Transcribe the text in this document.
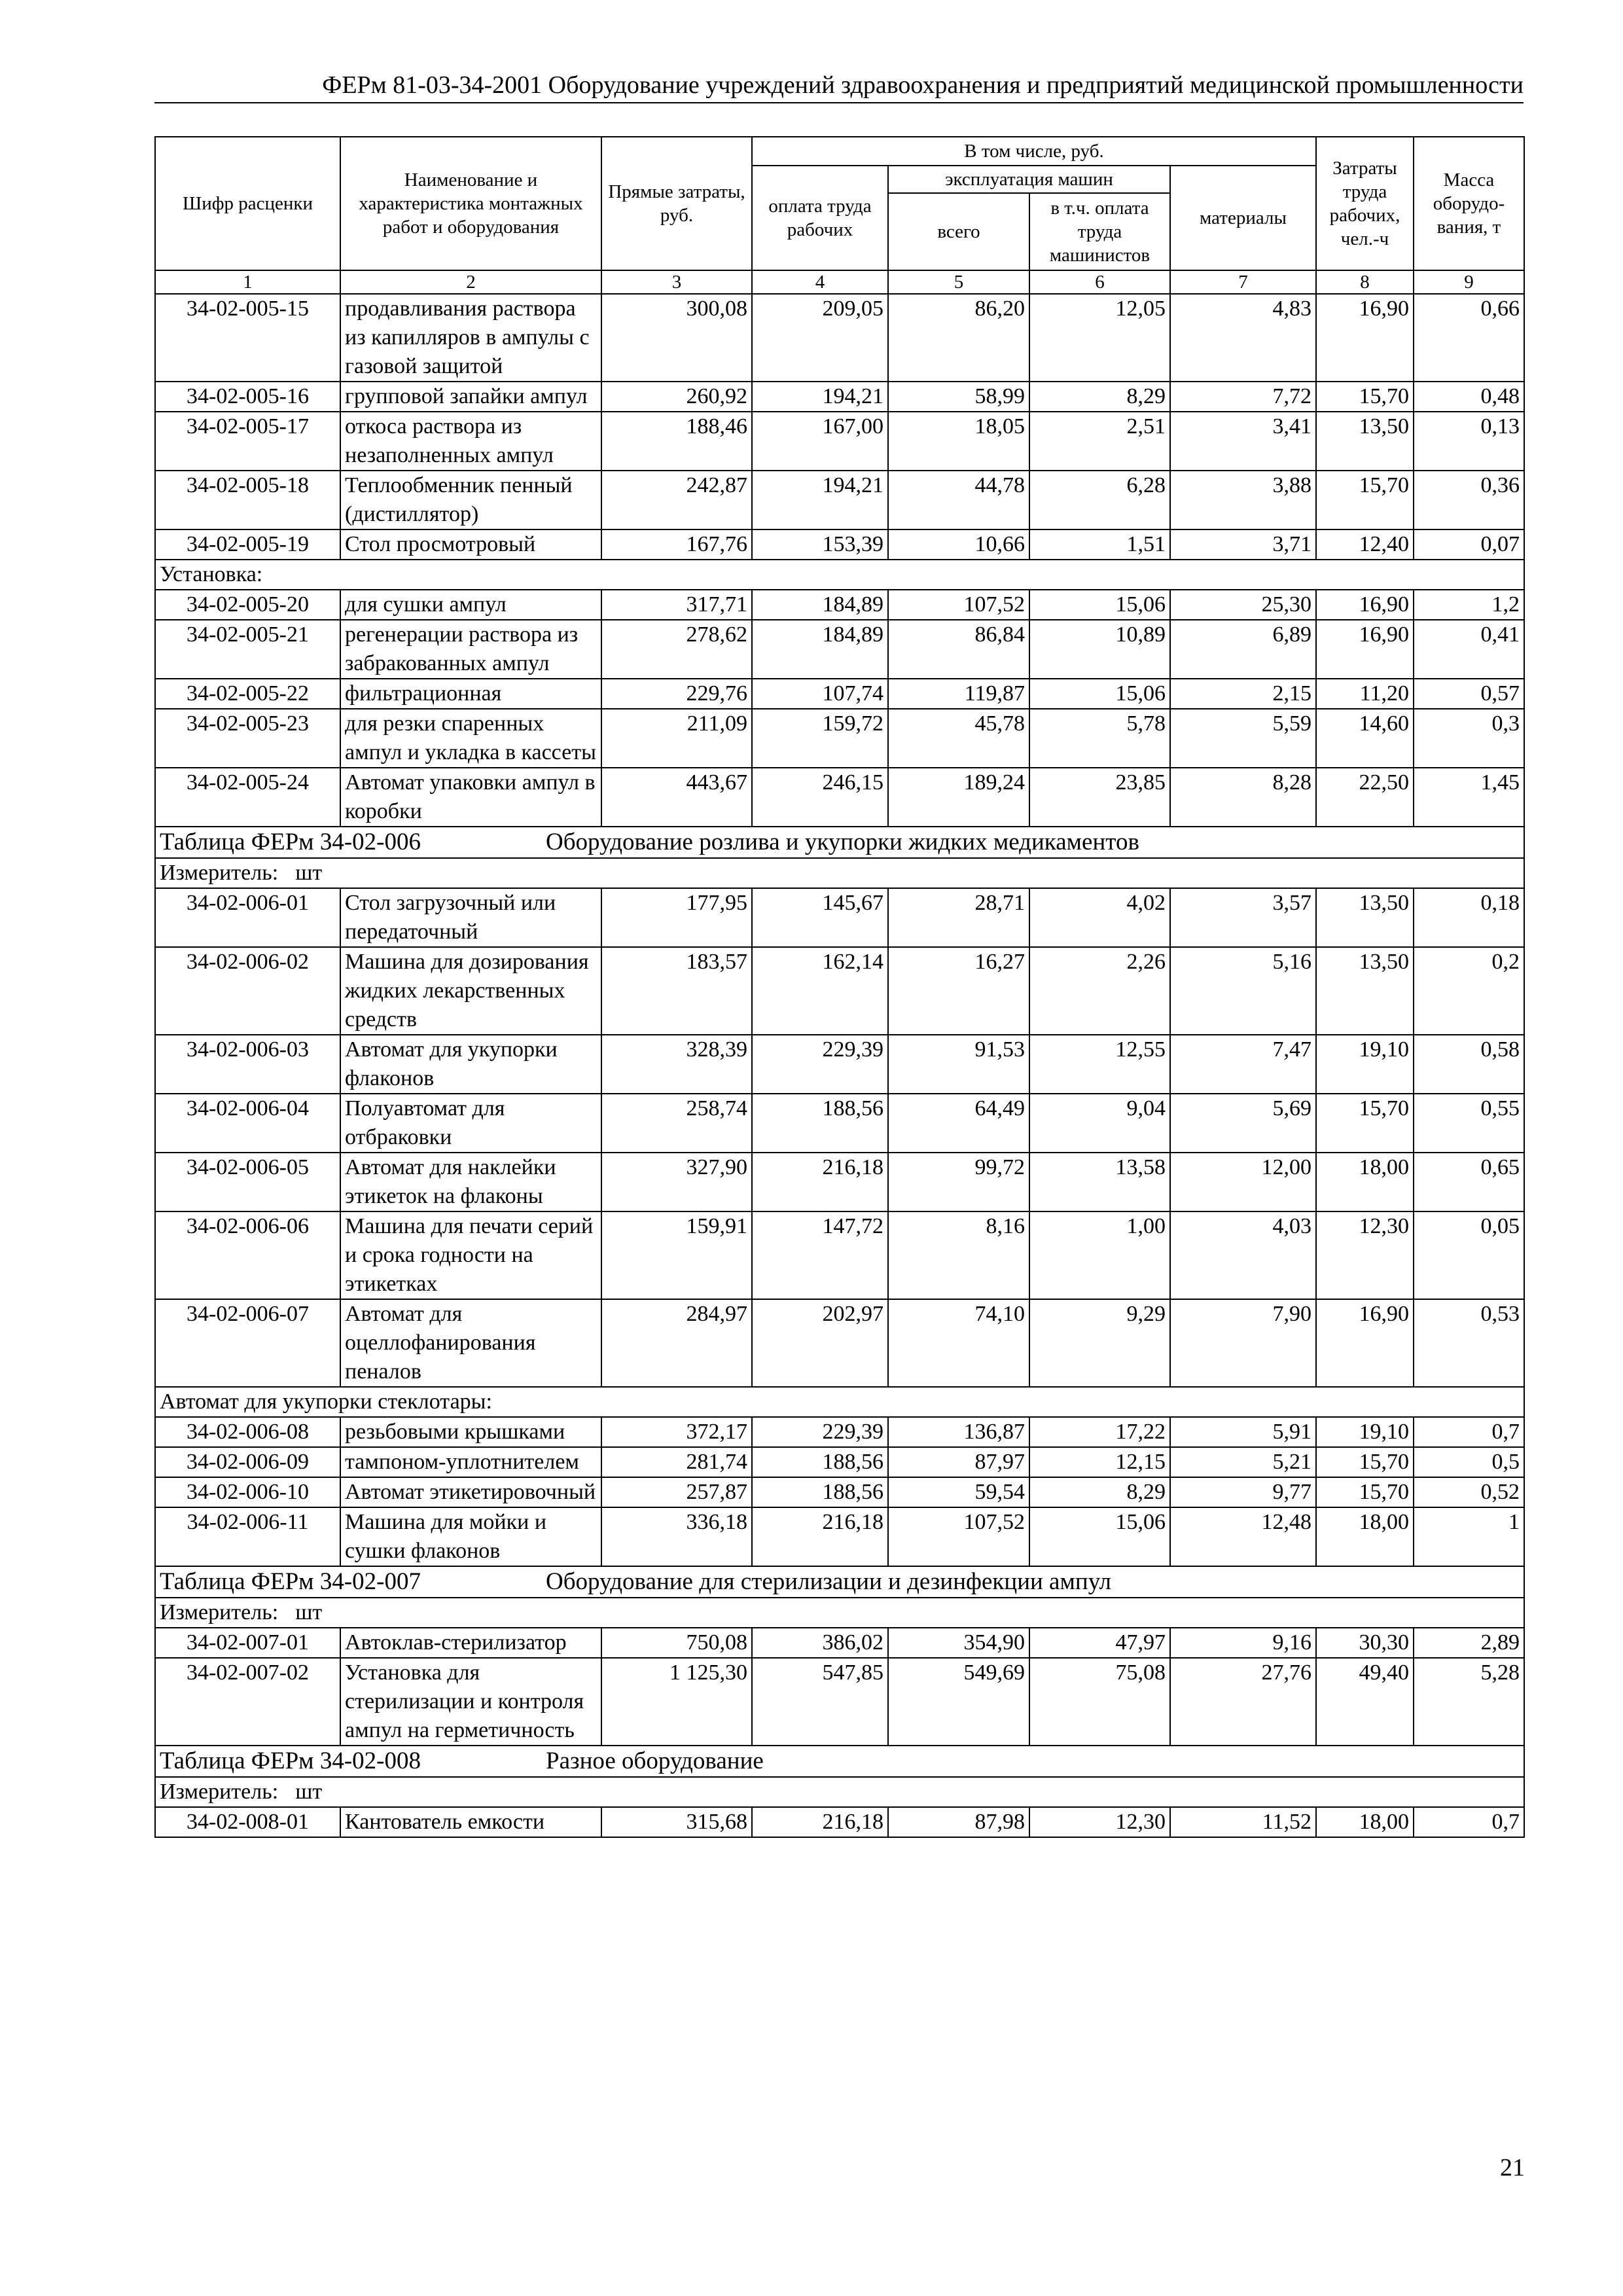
ФЕРм 81-03-34-2001 Оборудование учреждений здравоохранения и предприятий медицинской промышленности
Шифр расценки	Наименование и характеристика монтажных работ и оборудования	Прямые затраты, руб.	В том числе, руб.				Затраты труда рабочих, чел.-ч	Масса оборудо-вания, т
			оплата труда рабочих	эксплуатация машин		материалы		
				всего	в т.ч. оплата труда машинистов			
1	2	3	4	5	6	7	8	9
34-02-005-15	продавливания раствора из капилляров в ампулы с газовой защитой	300,08	209,05	86,20	12,05	4,83	16,90	0,66
34-02-005-16	групповой запайки ампул	260,92	194,21	58,99	8,29	7,72	15,70	0,48
34-02-005-17	откоса раствора из незаполненных ампул	188,46	167,00	18,05	2,51	3,41	13,50	0,13
34-02-005-18	Теплообменник пенный (дистиллятор)	242,87	194,21	44,78	6,28	3,88	15,70	0,36
34-02-005-19	Стол просмотровый	167,76	153,39	10,66	1,51	3,71	12,40	0,07
Установка:								
34-02-005-20	для сушки ампул	317,71	184,89	107,52	15,06	25,30	16,90	1,2
34-02-005-21	регенерации раствора из забракованных ампул	278,62	184,89	86,84	10,89	6,89	16,90	0,41
34-02-005-22	фильтрационная	229,76	107,74	119,87	15,06	2,15	11,20	0,57
34-02-005-23	для резки спаренных ампул и укладка в кассеты	211,09	159,72	45,78	5,78	5,59	14,60	0,3
34-02-005-24	Автомат упаковки ампул в коробки	443,67	246,15	189,24	23,85	8,28	22,50	1,45
Таблица ФЕРм 34-02-006 Оборудование розлива и укупорки жидких медикаментов								
Измеритель: шт								
34-02-006-01	Стол загрузочный или передаточный	177,95	145,67	28,71	4,02	3,57	13,50	0,18
34-02-006-02	Машина для дозирования жидких лекарственных средств	183,57	162,14	16,27	2,26	5,16	13,50	0,2
34-02-006-03	Автомат для укупорки флаконов	328,39	229,39	91,53	12,55	7,47	19,10	0,58
34-02-006-04	Полуавтомат для отбраковки	258,74	188,56	64,49	9,04	5,69	15,70	0,55
34-02-006-05	Автомат для наклейки этикеток на флаконы	327,90	216,18	99,72	13,58	12,00	18,00	0,65
34-02-006-06	Машина для печати серий и срока годности на этикетках	159,91	147,72	8,16	1,00	4,03	12,30	0,05
34-02-006-07	Автомат для оцеллофанирования пеналов	284,97	202,97	74,10	9,29	7,90	16,90	0,53
Автомат для укупорки стеклотары:								
34-02-006-08	резьбовыми крышками	372,17	229,39	136,87	17,22	5,91	19,10	0,7
34-02-006-09	тампоном-уплотнителем	281,74	188,56	87,97	12,15	5,21	15,70	0,5
34-02-006-10	Автомат этикетировочный	257,87	188,56	59,54	8,29	9,77	15,70	0,52
34-02-006-11	Машина для мойки и сушки флаконов	336,18	216,18	107,52	15,06	12,48	18,00	1
Таблица ФЕРм 34-02-007 Оборудование для стерилизации и дезинфекции ампул								
Измеритель: шт								
34-02-007-01	Автоклав-стерилизатор	750,08	386,02	354,90	47,97	9,16	30,30	2,89
34-02-007-02	Установка для стерилизации и контроля ампул на герметичность	1 125,30	547,85	549,69	75,08	27,76	49,40	5,28
Таблица ФЕРм 34-02-008 Разное оборудование								
Измеритель: шт								
34-02-008-01	Кантователь емкости	315,68	216,18	87,98	12,30	11,52	18,00	0,7
21
